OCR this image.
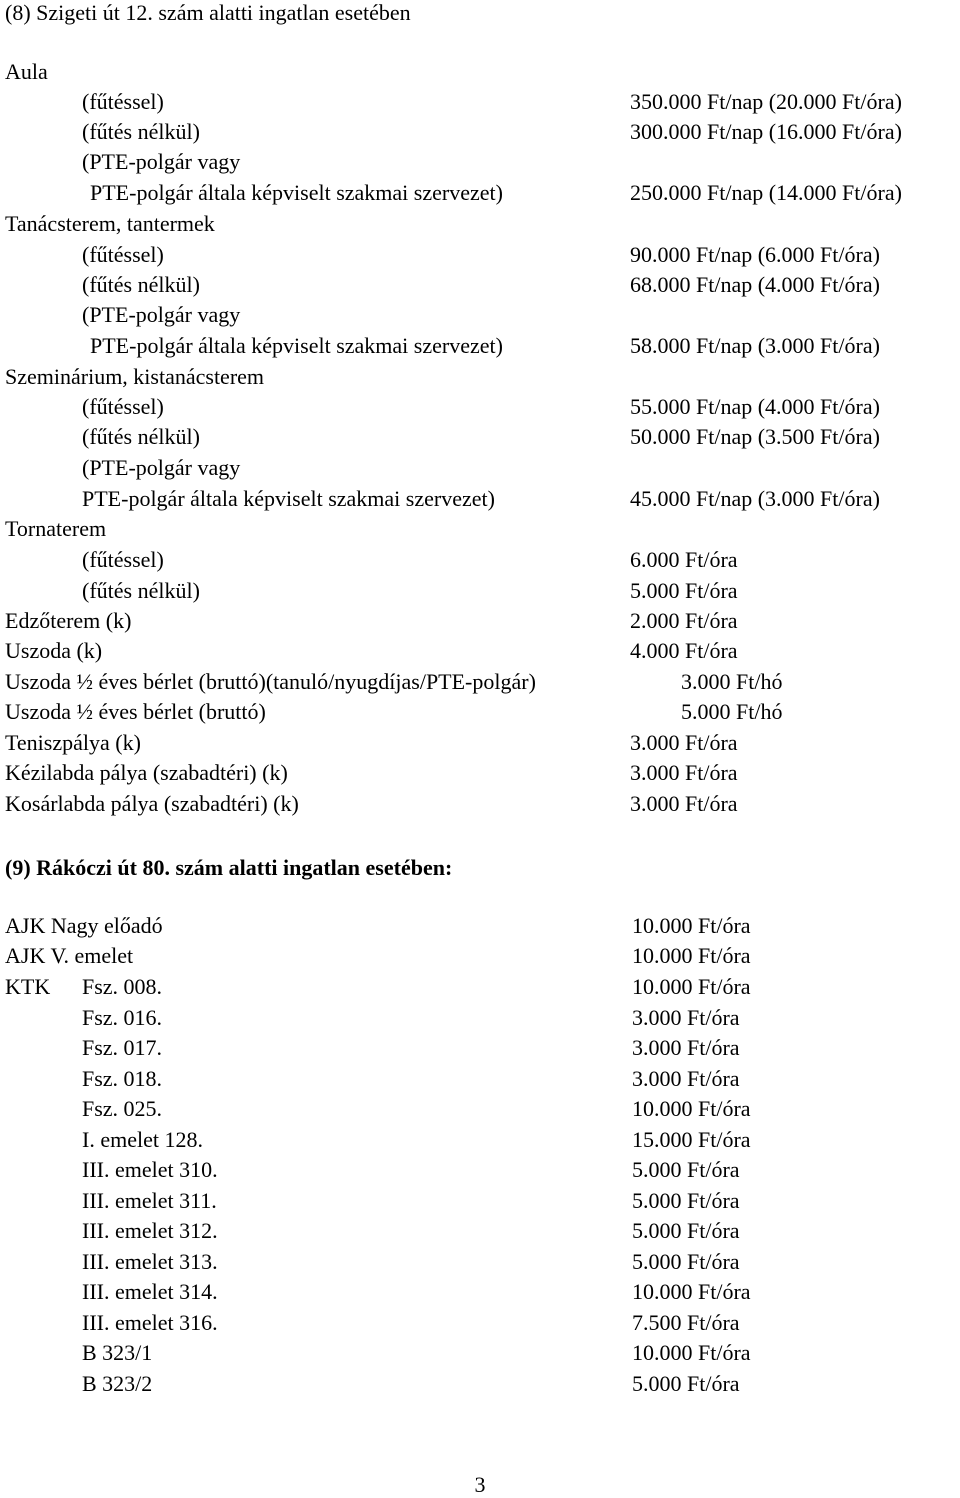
(8) Szigeti út 12. szám alatti ingatlan esetében
Aula
(fűtéssel)	350.000 Ft/nap (20.000 Ft/óra)
(fűtés nélkül)	300.000 Ft/nap (16.000 Ft/óra)
(PTE-polgár vagy
PTE-polgár általa képviselt szakmai szervezet)	250.000 Ft/nap (14.000 Ft/óra)
Tanácsterem, tantermek
(fűtéssel)	90.000 Ft/nap (6.000 Ft/óra)
(fűtés nélkül)	68.000 Ft/nap (4.000 Ft/óra)
(PTE-polgár vagy
PTE-polgár általa képviselt szakmai szervezet)	58.000 Ft/nap (3.000 Ft/óra)
Szeminárium, kistanácsterem
(fűtéssel)	55.000 Ft/nap (4.000 Ft/óra)
(fűtés nélkül)	50.000 Ft/nap (3.500 Ft/óra)
(PTE-polgár vagy
PTE-polgár általa képviselt szakmai szervezet)	45.000 Ft/nap (3.000 Ft/óra)
Tornaterem
(fűtéssel)	6.000 Ft/óra
(fűtés nélkül)	5.000 Ft/óra
Edzőterem (k)	2.000 Ft/óra
Uszoda (k)	4.000 Ft/óra
Uszoda ½ éves bérlet (bruttó)(tanuló/nyugdíjas/PTE-polgár)	3.000 Ft/hó
Uszoda ½ éves bérlet (bruttó)	5.000 Ft/hó
Teniszpálya (k)	3.000 Ft/óra
Kézilabda pálya (szabadtéri) (k)	3.000 Ft/óra
Kosárlabda pálya (szabadtéri) (k)	3.000 Ft/óra
(9) Rákóczi út 80. szám alatti ingatlan esetében:
AJK Nagy előadó	10.000 Ft/óra
AJK V. emelet	10.000 Ft/óra
KTK Fsz. 008.	10.000 Ft/óra
Fsz. 016.	3.000 Ft/óra
Fsz. 017.	3.000 Ft/óra
Fsz. 018.	3.000 Ft/óra
Fsz. 025.	10.000 Ft/óra
I. emelet 128.	15.000 Ft/óra
III. emelet 310.	5.000 Ft/óra
III. emelet 311.	5.000 Ft/óra
III. emelet 312.	5.000 Ft/óra
III. emelet 313.	5.000 Ft/óra
III. emelet 314.	10.000 Ft/óra
III. emelet 316.	7.500 Ft/óra
B 323/1	10.000 Ft/óra
B 323/2	5.000 Ft/óra
3
